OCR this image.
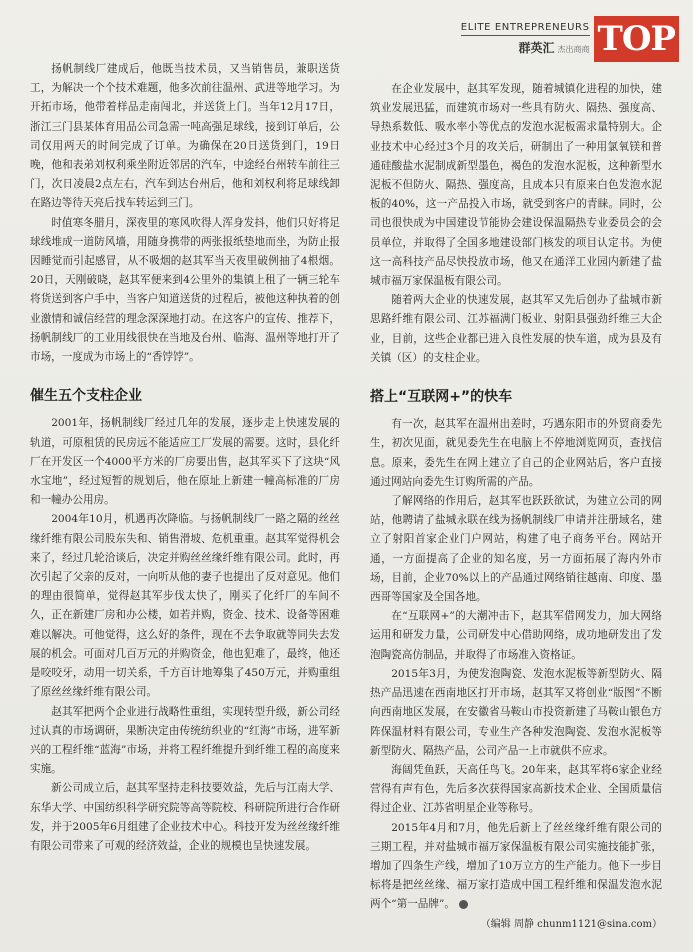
ELITE ENTREPRENEURS
群英汇 杰出商商 TOP

扬帆制线厂建成后，他既当技术员，又当销售员，兼职送货工，为解决一个个技术难题，他多次前往温州、武进等地学习。为开拓市场，他带着样品走南闯北，并送货上门。当年12月17日，浙江三门县某体育用品公司急需一吨高强足球线，接到订单后，公司仅用两天的时间完成了订单。为确保在20日送货到门，19日晚，他和表弟刘权利乘坐附近邻居的汽车，中途经台州转车前往三门，次日凌晨2点左右，汽车到达台州后，他和刘权利将足球线卸在路边等待天亮后找车转运到三门。

时值寒冬腊月，深夜里的寒风吹得人浑身发抖，他们只好将足球线堆成一道防风墙，用随身携带的两张报纸垫地而坐，为防止报因睡觉而引起感冒，从不吸烟的赵其军当天夜里破例抽了4根烟。20日，天刚破晓，赵其军便来到4公里外的集镇上租了一辆三轮车将货送到客户手中，当客户知道送货的过程后，被他这种执着的创业激情和诚信经营的理念深深地打动。在这客户的宣传、推荐下，扬帆制线厂的工业用线很快在当地及台州、临海、温州等地打开了市场，一度成为市场上的“香饽饽”。

催生五个支柱企业

2001年，扬帆制线厂经过几年的发展，逐步走上快速发展的轨道，可原租赁的民房远不能适应工厂发展的需要。这时，县化纤厂在开发区一个4000平方米的厂房要出售，赵其军买下了这块“风水宝地”，经过短暂的规划后，他在原址上新建一幢高标准的厂房和一幢办公用房。

2004年10月，机遇再次降临。与扬帆制线厂一路之隔的丝丝缘纤维有限公司股东失和、销售滑坡、危机重重。赵其军觉得机会来了，经过几轮洽谈后，决定并购丝丝缘纤维有限公司。此时，再次引起了父亲的反对，一向听从他的妻子也提出了反对意见。他们的理由很简单，觉得赵其军步伐太快了，刚买了化纤厂的车间不久，正在新建厂房和办公楼，如若并购，资金、技术、设备等困难难以解决。可他觉得，这么好的条件，现在不去争取就等同失去发展的机会。可面对几百万元的并购资金，他也犯难了，最终，他还是咬咬牙，动用一切关系，千方百计地筹集了450万元，并购重组了原丝丝缘纤维有限公司。

赵其军把两个企业进行战略性重组，实现转型升级，新公司经过认真的市场调研，果断决定由传统纺织业的“红海”市场，进军新兴的工程纤维“蓝海”市场，并将工程纤维提升到纤维工程的高度来实施。

新公司成立后，赵其军坚持走科技要效益，先后与江南大学、东华大学、中国纺织科学研究院等高等院校、科研院所进行合作研发，并于2005年6月组建了企业技术中心。科技开发为丝丝缘纤维有限公司带来了可观的经济效益，企业的规模也呈快速发展。

在企业发展中，赵其军发现，随着城镇化进程的加快，建筑业发展迅猛，而建筑市场对一些具有防火、隔热、强度高、导热系数低、吸水率小等优点的发泡水泥板需求量特别大。企业技术中心经过3个月的攻关后，研制出了一种用氯氧镁和普通硅酸盐水泥制成新型墨色，褐色的发泡水泥板，这种新型水泥板不但防火、隔热、强度高，且成本只有原来白色发泡水泥板的40%，这一产品投入市场，就受到客户的青睐。同时，公司也很快成为中国建设节能协会建设保温隔热专业委员会的会员单位，并取得了全国多地建设部门核发的项目认定书。为使这一高科技产品尽快投放市场，他又在通洋工业园内新建了盐城市福万家保温板有限公司。

随着两大企业的快速发展，赵其军又先后创办了盐城市新思路纤维有限公司、江苏福满门板业、射阳县强劲纤维三大企业，目前，这些企业都已进入良性发展的快车道，成为县及有关镇（区）的支柱企业。

搭上“互联网+”的快车

有一次，赵其军在温州出差时，巧遇东阳市的外贸商委先生，初次见面，就见委先生在电脑上不停地浏览网页，查找信息。原来，委先生在网上建立了自己的企业网站后，客户直接通过网站向委先生订购所需的产品。

了解网络的作用后，赵其军也跃跃欲试，为建立公司的网站，他聘请了盐城永联在线为扬帆制线厂申请并注册域名，建立了射阳首家企业门户网站，构建了电子商务平台。网站开通，一方面提高了企业的知名度，另一方面拓展了海内外市场，目前，企业70%以上的产品通过网络销往越南、印度、墨西哥等国家及全国各地。

在“互联网+”的大潮冲击下，赵其军借网发力，加大网络运用和研发力量，公司研发中心借助网络，成功地研发出了发泡陶瓷高仿制品，并取得了市场准入资格证。

2015年3月，为使发泡陶瓷、发泡水泥板等新型防火、隔热产品迅速在西南地区打开市场，赵其军又将创业“版图”不断向西南地区发展，在安徽省马鞍山市投资新建了马鞍山银色方阵保温材料有限公司，专业生产各种发泡陶瓷、发泡水泥板等新型防火、隔热产品，公司产品一上市就供不应求。

海阔凭鱼跃，天高任鸟飞。20年来，赵其军将6家企业经营得有声有色，先后多次获得国家高新技术企业、全国质量信得过企业、江苏省明星企业等称号。

2015年4月和7月，他先后新上了丝丝缘纤维有限公司的三期工程，并对盐城市福万家保温板有限公司实施技能扩张，增加了四条生产线，增加了10万立方的生产能力。他下一步目标将是把丝丝缘、福万家打造成中国工程纤维和保温发泡水泥两个“第一品牌”。

（编辑 周静 chunm1121@sina.com）
